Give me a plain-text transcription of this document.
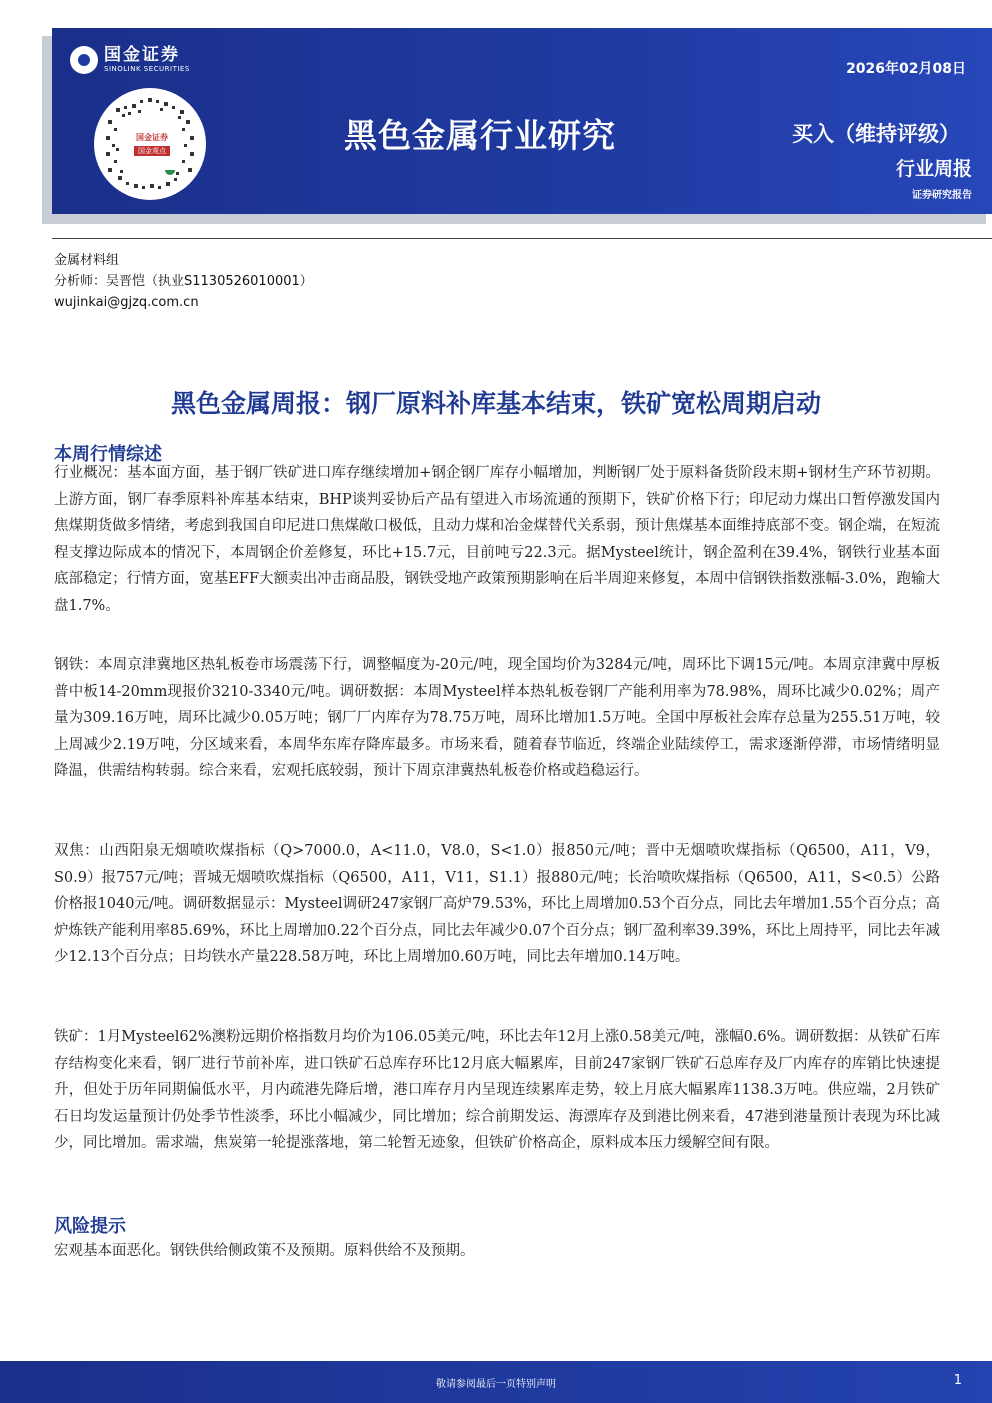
国金证券
SINOLINK SECURITIES
国金证券
国金观点
2026年02月08日
黑色金属行业研究	买入（维持评级）
行业周报
证券研究报告
金属材料组
分析师：吴晋恺（执业S1130526010001）
wujinkai@gjzq.com.cn
黑色金属周报：钢厂原料补库基本结束，铁矿宽松周期启动
本周行情综述

行业概况：基本面方面，基于钢厂铁矿进口库存继续增加+钢企钢厂库存小幅增加，判断钢厂处于原料备货阶段末期+钢材生产环节初期。上游方面，钢厂春季原料补库基本结束，BHP谈判妥协后产品有望进入市场流通的预期下，铁矿价格下行；印尼动力煤出口暂停激发国内焦煤期货做多情绪，考虑到我国自印尼进口焦煤敞口极低，且动力煤和冶金煤替代关系弱，预计焦煤基本面维持底部不变。钢企端，在短流程支撑边际成本的情况下，本周钢企价差修复，环比+15.7元，目前吨亏22.3元。据Mysteel统计，钢企盈利在39.4%，钢铁行业基本面底部稳定；行情方面，宽基EFF大额卖出冲击商品股，钢铁受地产政策预期影响在后半周迎来修复，本周中信钢铁指数涨幅-3.0%，跑输大盘1.7%。

钢铁：本周京津冀地区热轧板卷市场震荡下行，调整幅度为-20元/吨，现全国均价为3284元/吨，周环比下调15元/吨。本周京津冀中厚板普中板14-20mm现报价3210-3340元/吨。调研数据：本周Mysteel样本热轧板卷钢厂产能利用率为78.98%，周环比减少0.02%；周产量为309.16万吨，周环比减少0.05万吨；钢厂厂内库存为78.75万吨，周环比增加1.5万吨。全国中厚板社会库存总量为255.51万吨，较上周减少2.19万吨，分区域来看，本周华东库存降库最多。市场来看，随着春节临近，终端企业陆续停工，需求逐渐停滞，市场情绪明显降温，供需结构转弱。综合来看，宏观托底较弱，预计下周京津冀热轧板卷价格或趋稳运行。

双焦：山西阳泉无烟喷吹煤指标（Q>7000.0，A<11.0，V8.0，S<1.0）报850元/吨；晋中无烟喷吹煤指标（Q6500，A11，V9，S0.9）报757元/吨；晋城无烟喷吹煤指标（Q6500，A11，V11，S1.1）报880元/吨；长治喷吹煤指标（Q6500，A11，S<0.5）公路价格报1040元/吨。调研数据显示：Mysteel调研247家钢厂高炉79.53%，环比上周增加0.53个百分点，同比去年增加1.55个百分点；高炉炼铁产能利用率85.69%，环比上周增加0.22个百分点，同比去年减少0.07个百分点；钢厂盈利率39.39%，环比上周持平，同比去年减少12.13个百分点；日均铁水产量228.58万吨，环比上周增加0.60万吨，同比去年增加0.14万吨。

铁矿：1月Mysteel62%澳粉远期价格指数月均价为106.05美元/吨，环比去年12月上涨0.58美元/吨，涨幅0.6%。调研数据：从铁矿石库存结构变化来看，钢厂进行节前补库，进口铁矿石总库存环比12月底大幅累库，目前247家钢厂铁矿石总库存及厂内库存的库销比快速提升，但处于历年同期偏低水平，月内疏港先降后增，港口库存月内呈现连续累库走势，较上月底大幅累库1138.3万吨。供应端，2月铁矿石日均发运量预计仍处季节性淡季，环比小幅减少，同比增加；综合前期发运、海漂库存及到港比例来看，47港到港量预计表现为环比减少，同比增加。需求端，焦炭第一轮提涨落地，第二轮暂无迹象，但铁矿价格高企，原料成本压力缓解空间有限。

风险提示

宏观基本面恶化。钢铁供给侧政策不及预期。原料供给不及预期。

敬请参阅最后一页特别声明	1
